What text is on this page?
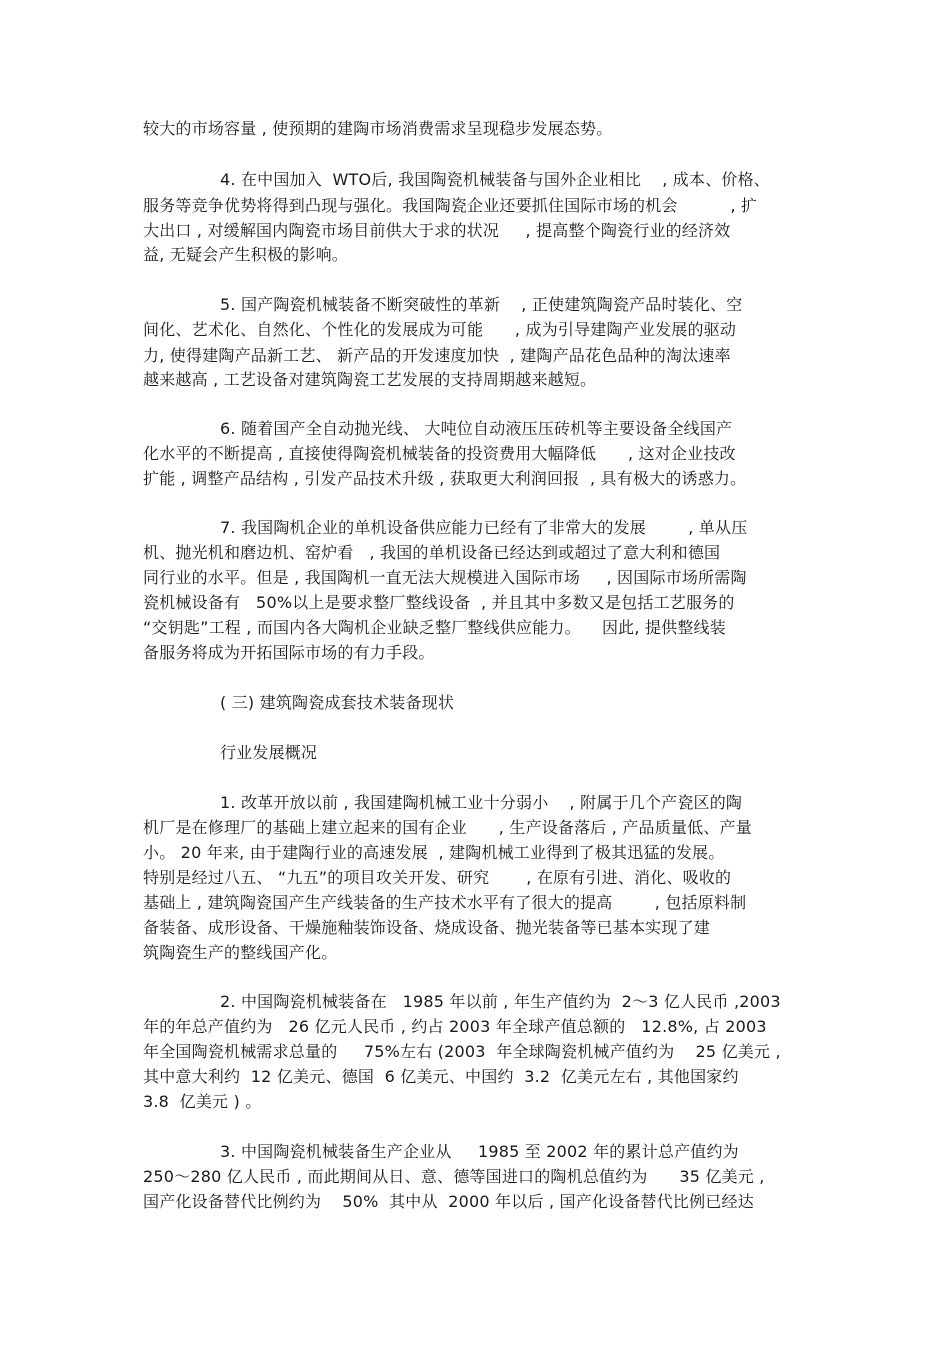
较大的市场容量 , 使预期的建陶市场消费需求呈现稳步发展态势。
4. 在中国加入  WTO后, 我国陶瓷机械装备与国外企业相比    , 成本、价格、
服务等竞争优势将得到凸现与强化。我国陶瓷企业还要抓住国际市场的机会          , 扩
大出口 , 对缓解国内陶瓷市场目前供大于求的状况     , 提高整个陶瓷行业的经济效
益, 无疑会产生积极的影响。
5. 国产陶瓷机械装备不断突破性的革新    , 正使建筑陶瓷产品时装化、空
间化、艺术化、自然化、个性化的发展成为可能      , 成为引导建陶产业发展的驱动
力, 使得建陶产品新工艺、 新产品的开发速度加快  , 建陶产品花色品种的淘汰速率
越来越高 , 工艺设备对建筑陶瓷工艺发展的支持周期越来越短。
6. 随着国产全自动抛光线、 大吨位自动液压压砖机等主要设备全线国产
化水平的不断提高 , 直接使得陶瓷机械装备的投资费用大幅降低      , 这对企业技改
扩能 , 调整产品结构 , 引发产品技术升级 , 获取更大利润回报  , 具有极大的诱惑力。
7. 我国陶机企业的单机设备供应能力已经有了非常大的发展        , 单从压
机、抛光机和磨边机、窑炉看   , 我国的单机设备已经达到或超过了意大利和德国
同行业的水平。但是 , 我国陶机一直无法大规模进入国际市场     , 因国际市场所需陶
瓷机械设备有   50%以上是要求整厂整线设备  , 并且其中多数又是包括工艺服务的
“交钥匙”工程 , 而国内各大陶机企业缺乏整厂整线供应能力。    因此, 提供整线装
备服务将成为开拓国际市场的有力手段。
( 三) 建筑陶瓷成套技术装备现状
行业发展概况
1. 改革开放以前 , 我国建陶机械工业十分弱小    , 附属于几个产瓷区的陶
机厂是在修理厂的基础上建立起来的国有企业      , 生产设备落后 , 产品质量低、产量
小。 20 年来, 由于建陶行业的高速发展  , 建陶机械工业得到了极其迅猛的发展。
特别是经过八五、 “九五”的项目攻关开发、研究       , 在原有引进、消化、吸收的
基础上 , 建筑陶瓷国产生产线装备的生产技术水平有了很大的提高        , 包括原料制
备装备、成形设备、干燥施釉装饰设备、烧成设备、抛光装备等已基本实现了建
筑陶瓷生产的整线国产化。
2. 中国陶瓷机械装备在   1985 年以前 , 年生产值约为  2～3 亿人民币 ,2003
年的年总产值约为   26 亿元人民币 , 约占 2003 年全球产值总额的   12.8%, 占 2003
年全国陶瓷机械需求总量的     75%左右 (2003  年全球陶瓷机械产值约为    25 亿美元 ,
其中意大利约  12 亿美元、德国  6 亿美元、中国约  3.2  亿美元左右 , 其他国家约
3.8  亿美元 ) 。
3. 中国陶瓷机械装备生产企业从     1985 至 2002 年的累计总产值约为
250～280 亿人民币 , 而此期间从日、意、德等国进口的陶机总值约为      35 亿美元 ,
国产化设备替代比例约为    50%  其中从  2000 年以后 , 国产化设备替代比例已经达
